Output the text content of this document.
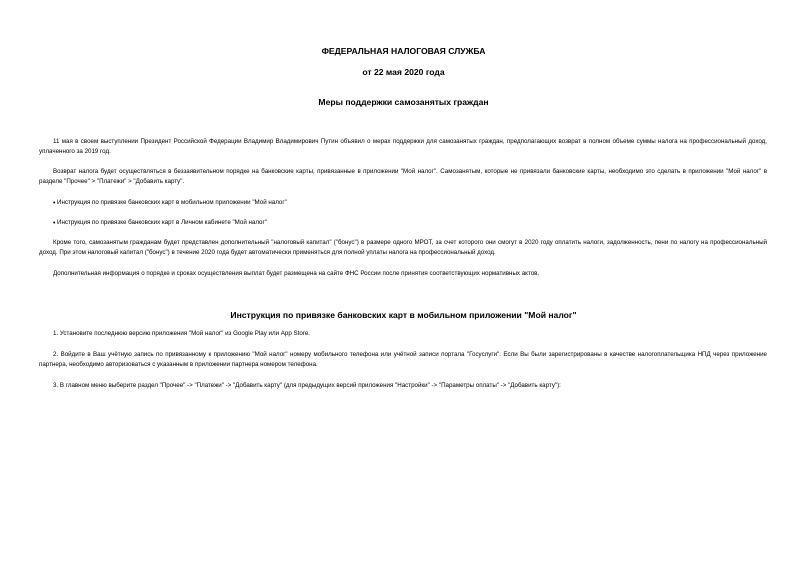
ФЕДЕРАЛЬНАЯ НАЛОГОВАЯ СЛУЖБА
от 22 мая 2020 года
Меры поддержки самозанятых граждан
11 мая в своем выступлении Президент Российской Федерации Владимир Владимирович Путин объявил о мерах поддержки для самозанятых граждан, предполагающих возврат в полном объеме суммы налога на профессиональный доход, уплаченного за 2019 год.
Возврат налога будет осуществляться в беззаявительном порядке на банковские карты, привязанные в приложении "Мой налог". Самозанятым, которые не привязали банковские карты, необходимо это сделать в приложении "Мой налог" в разделе "Прочее" > "Платежи" > "Добавить карту".
• Инструкция по привязке банковских карт в мобильном приложении "Мой налог"
• Инструкция по привязке банковских карт в Личном кабинете "Мой налог"
Кроме того, самозанятым гражданам будет представлен дополнительный "налоговый капитал" ("бонус") в размере одного МРОТ, за счет которого они смогут в 2020 году оплатить налоги, задолженность, пени по налогу на профессиональный доход. При этом налоговый капитал ("бонус") в течение 2020 года будет автоматически применяться для полной уплаты налога на профессиональный доход.
Дополнительная информация о порядке и сроках осуществления выплат будет размещена на сайте ФНС России после принятия соответствующих нормативных актов.
Инструкция по привязке банковских карт в мобильном приложении "Мой налог"
1. Установите последнюю версию приложения "Мой налог" из Google Play или App Store.
2. Войдите в Ваш учётную запись по привязанному к приложению "Мой налог" номеру мобильного телефона или учётной записи портала "Госуслуги". Если Вы были зарегистрированы в качестве налогоплательщика НПД через приложение партнера, необходимо авторизоваться с указанным в приложении партнера номером телефона.
3. В главном меню выберите раздел "Прочее" -> "Платежи" -> "Добавить карту" (для предыдущих версий приложения "Настройки" -> "Параметры оплаты" -> "Добавить карту"):
